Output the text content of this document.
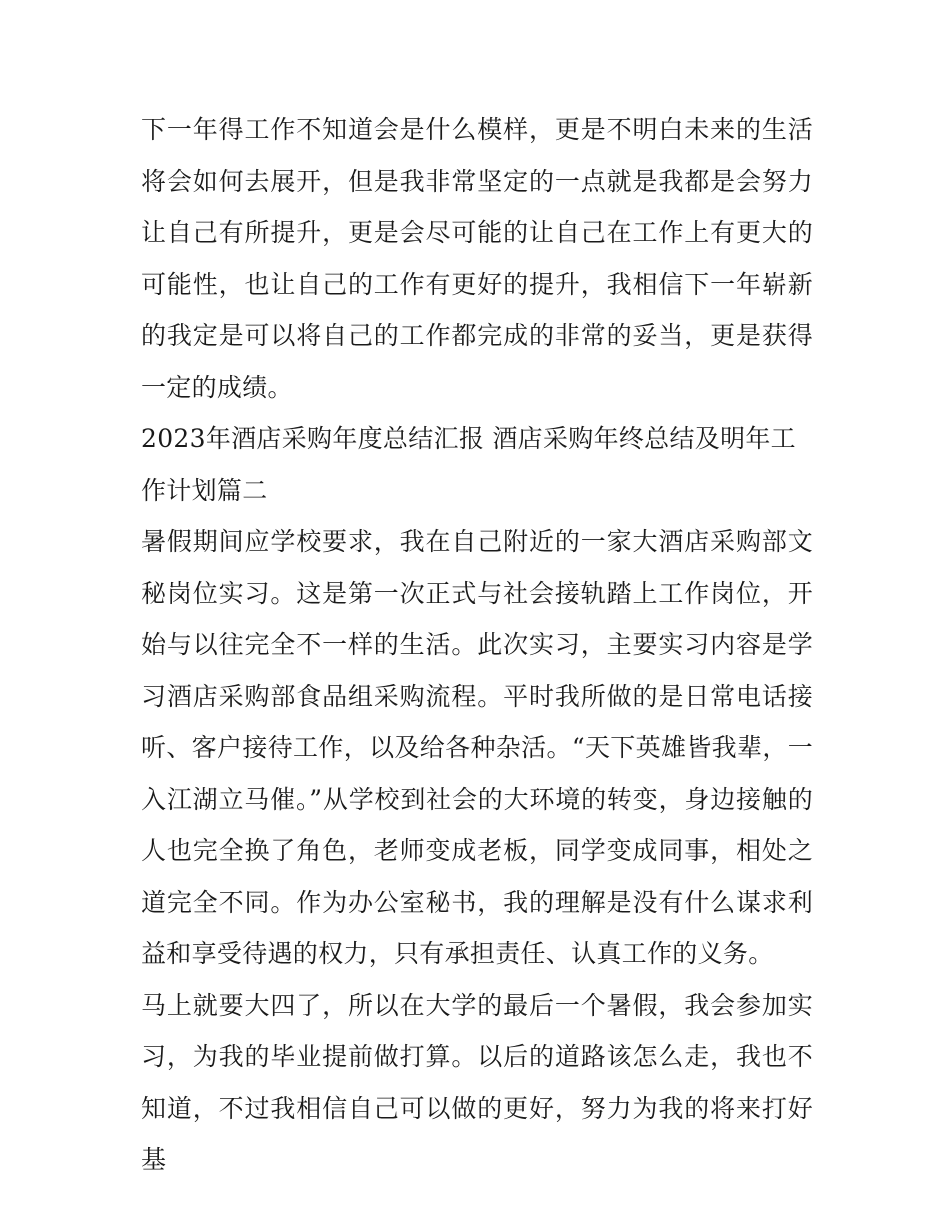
下一年得工作不知道会是什么模样，更是不明白未来的生活将会如何去展开，但是我非常坚定的一点就是我都是会努力让自己有所提升，更是会尽可能的让自己在工作上有更大的可能性，也让自己的工作有更好的提升，我相信下一年崭新的我定是可以将自己的工作都完成的非常的妥当，更是获得一定的成绩。

2023年酒店采购年度总结汇报 酒店采购年终总结及明年工作计划篇二

暑假期间应学校要求，我在自己附近的一家大酒店采购部文秘岗位实习。这是第一次正式与社会接轨踏上工作岗位，开始与以往完全不一样的生活。此次实习，主要实习内容是学习酒店采购部食品组采购流程。平时我所做的是日常电话接听、客户接待工作，以及给各种杂活。“天下英雄皆我辈，一入江湖立马催。”从学校到社会的大环境的转变，身边接触的人也完全换了角色，老师变成老板，同学变成同事，相处之道完全不同。作为办公室秘书，我的理解是没有什么谋求利益和享受待遇的权力，只有承担责任、认真工作的义务。

马上就要大四了，所以在大学的最后一个暑假，我会参加实习，为我的毕业提前做打算。以后的道路该怎么走，我也不知道，不过我相信自己可以做的更好，努力为我的将来打好基
